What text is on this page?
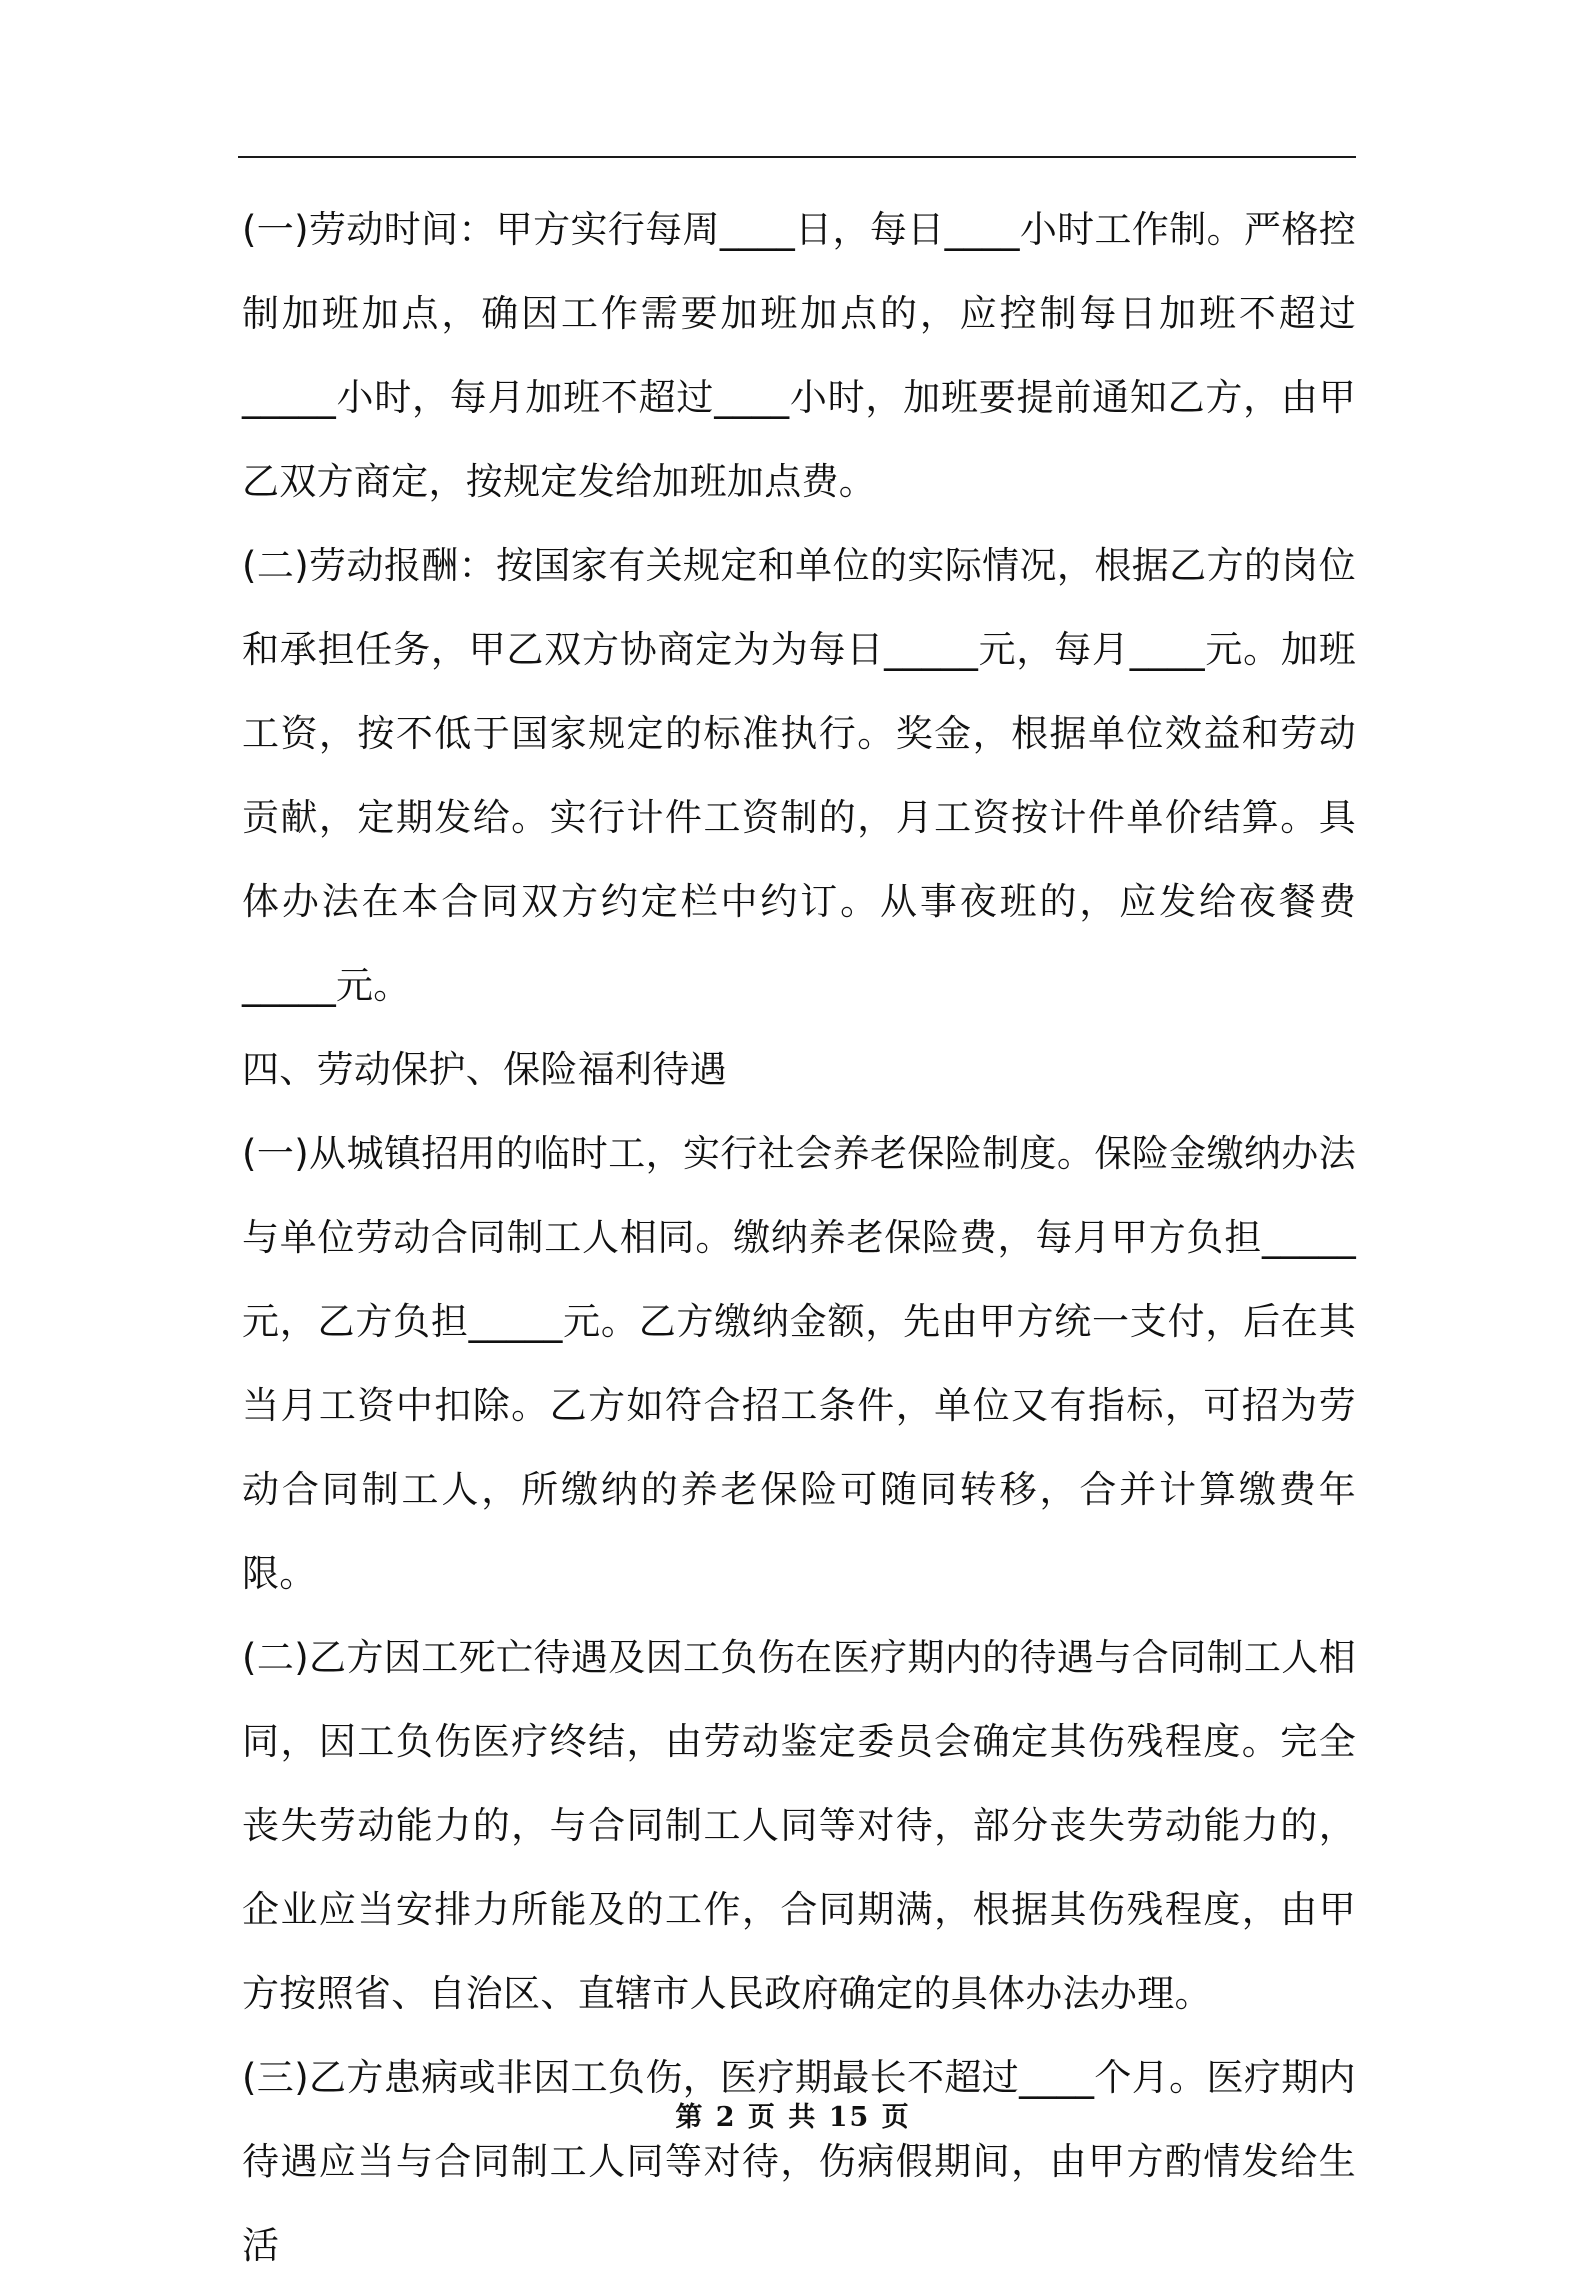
(一)劳动时间：甲方实行每周____日，每日____小时工作制。严格控制加班加点，确因工作需要加班加点的，应控制每日加班不超过_____小时，每月加班不超过____小时，加班要提前通知乙方，由甲乙双方商定，按规定发给加班加点费。

(二)劳动报酬：按国家有关规定和单位的实际情况，根据乙方的岗位和承担任务，甲乙双方协商定为为每日_____元，每月____元。加班工资，按不低于国家规定的标准执行。奖金，根据单位效益和劳动贡献，定期发给。实行计件工资制的，月工资按计件单价结算。具体办法在本合同双方约定栏中约订。从事夜班的，应发给夜餐费_____元。

四、劳动保护、保险福利待遇

(一)从城镇招用的临时工，实行社会养老保险制度。保险金缴纳办法与单位劳动合同制工人相同。缴纳养老保险费，每月甲方负担_____元，乙方负担_____元。乙方缴纳金额，先由甲方统一支付，后在其当月工资中扣除。乙方如符合招工条件，单位又有指标，可招为劳动合同制工人，所缴纳的养老保险可随同转移，合并计算缴费年限。

(二)乙方因工死亡待遇及因工负伤在医疗期内的待遇与合同制工人相同，因工负伤医疗终结，由劳动鉴定委员会确定其伤残程度。完全丧失劳动能力的，与合同制工人同等对待，部分丧失劳动能力的，企业应当安排力所能及的工作，合同期满，根据其伤残程度，由甲方按照省、自治区、直辖市人民政府确定的具体办法办理。

(三)乙方患病或非因工负伤，医疗期最长不超过____个月。医疗期内待遇应当与合同制工人同等对待，伤病假期间，由甲方酌情发给生活

第 2 页 共 15 页
